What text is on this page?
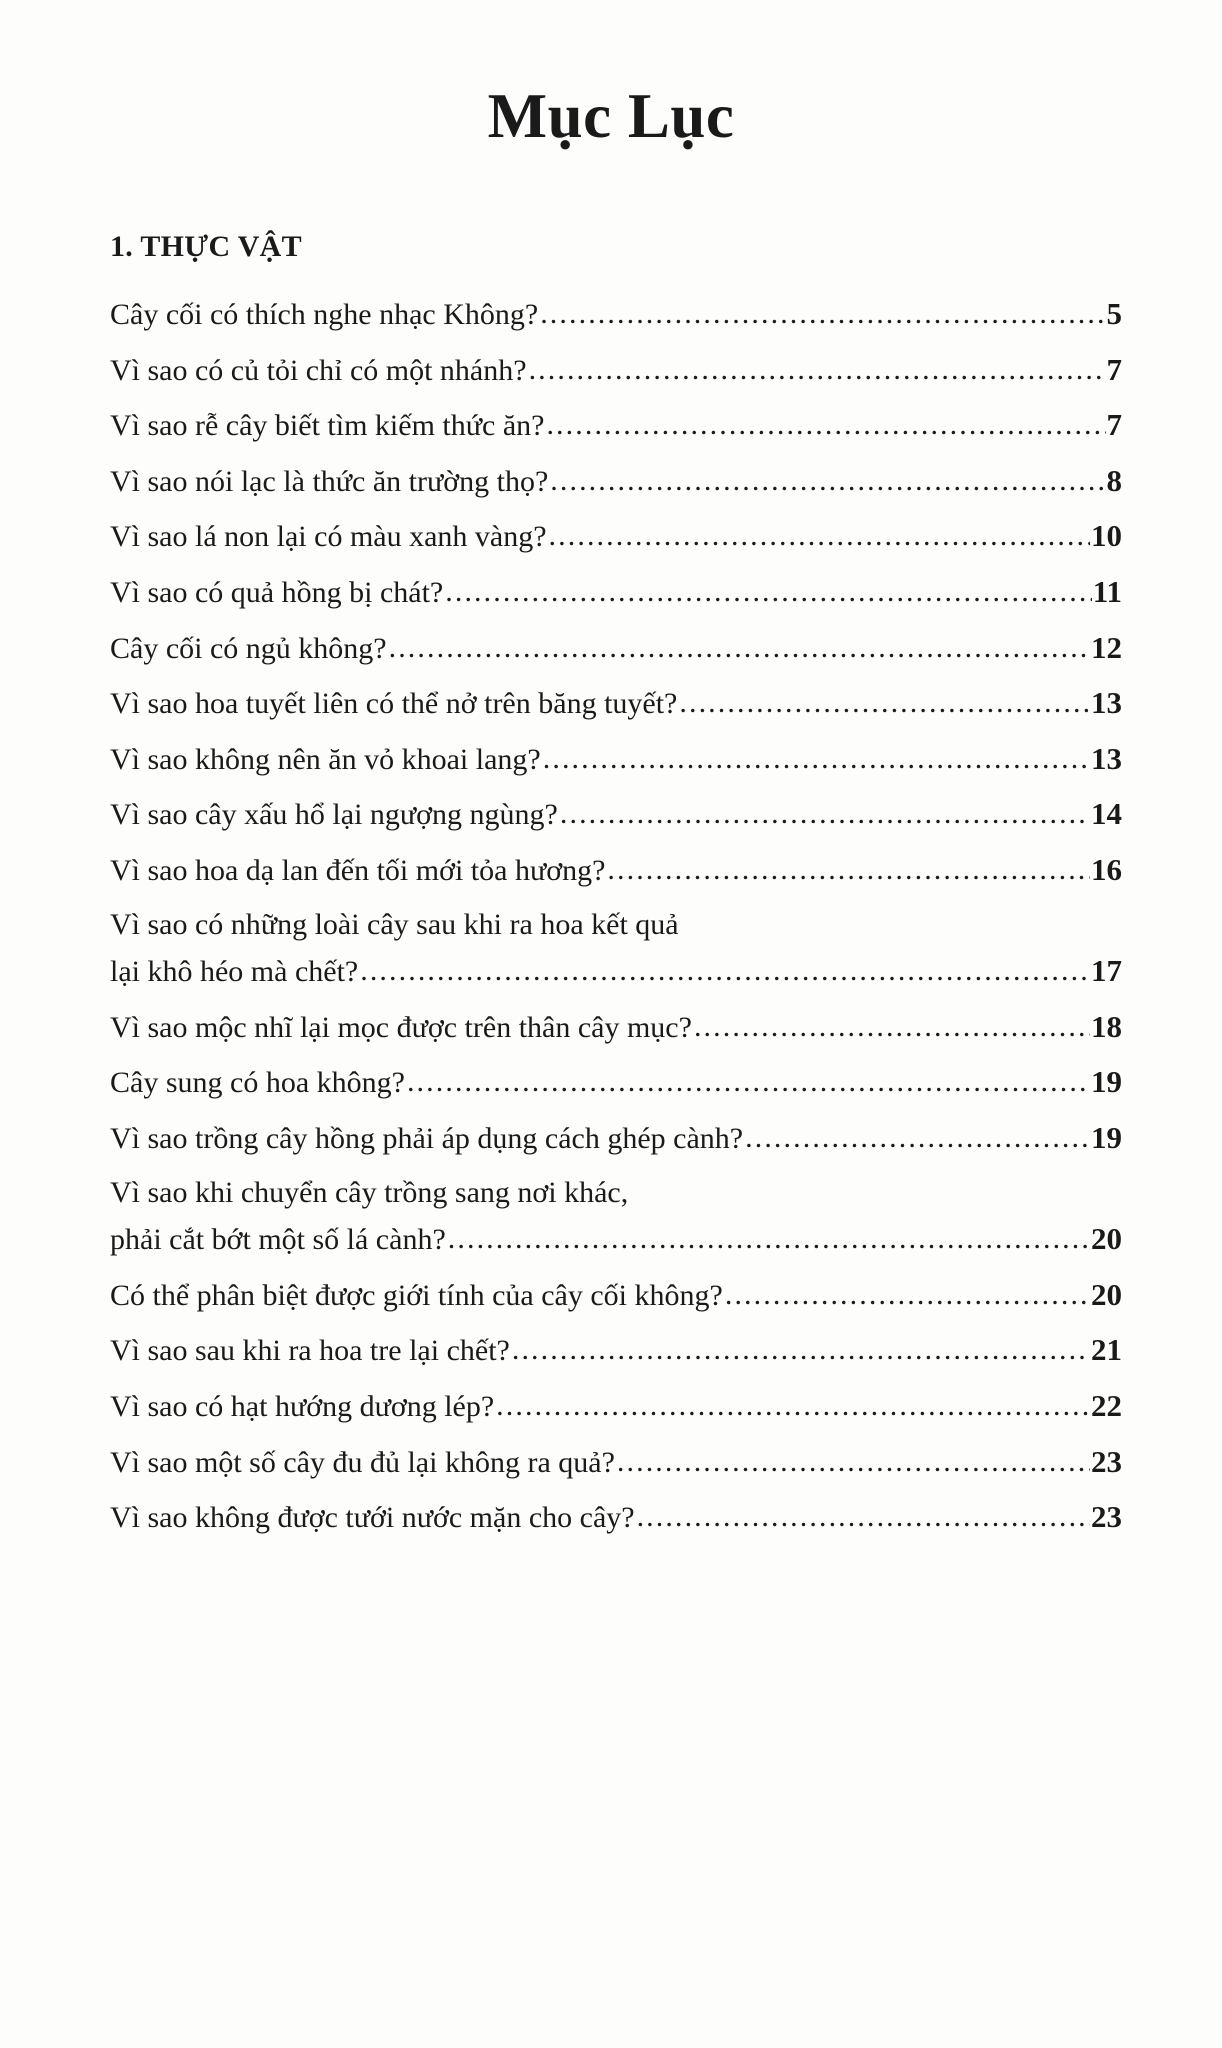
Mục Lục
1. THỰC VẬT
Cây cối có thích nghe nhạc Không? .....	5
Vì sao có củ tỏi chỉ có một nhánh? .....	7
Vì sao rễ cây biết tìm kiếm thức ăn? .....	7
Vì sao nói lạc là thức ăn trường thọ? .....	8
Vì sao lá non lại có màu xanh vàng? .....	10
Vì sao có quả hồng bị chát? .....	11
Cây cối có ngủ không? .....	12
Vì sao hoa tuyết liên có thể nở trên băng tuyết? .....	13
Vì sao không nên ăn vỏ khoai lang? .....	13
Vì sao cây xấu hổ lại ngượng ngùng? .....	14
Vì sao hoa dạ lan đến tối mới tỏa hương? .....	16
Vì sao có những loài cây sau khi ra hoa kết quả
lại khô héo mà chết? .....	17
Vì sao mộc nhĩ lại mọc được trên thân cây mục? .....	18
Cây sung có hoa không? .....	19
Vì sao trồng cây hồng phải áp dụng cách ghép cành? .....	19
Vì sao khi chuyển cây trồng sang nơi khác,
phải cắt bớt một số lá cành? .....	20
Có thể phân biệt được giới tính của cây cối không? .....	20
Vì sao sau khi ra hoa tre lại chết? .....	21
Vì sao có hạt hướng dương lép? .....	22
Vì sao một số cây đu đủ lại không ra quả? .....	23
Vì sao không được tưới nước mặn cho cây? .....	23
